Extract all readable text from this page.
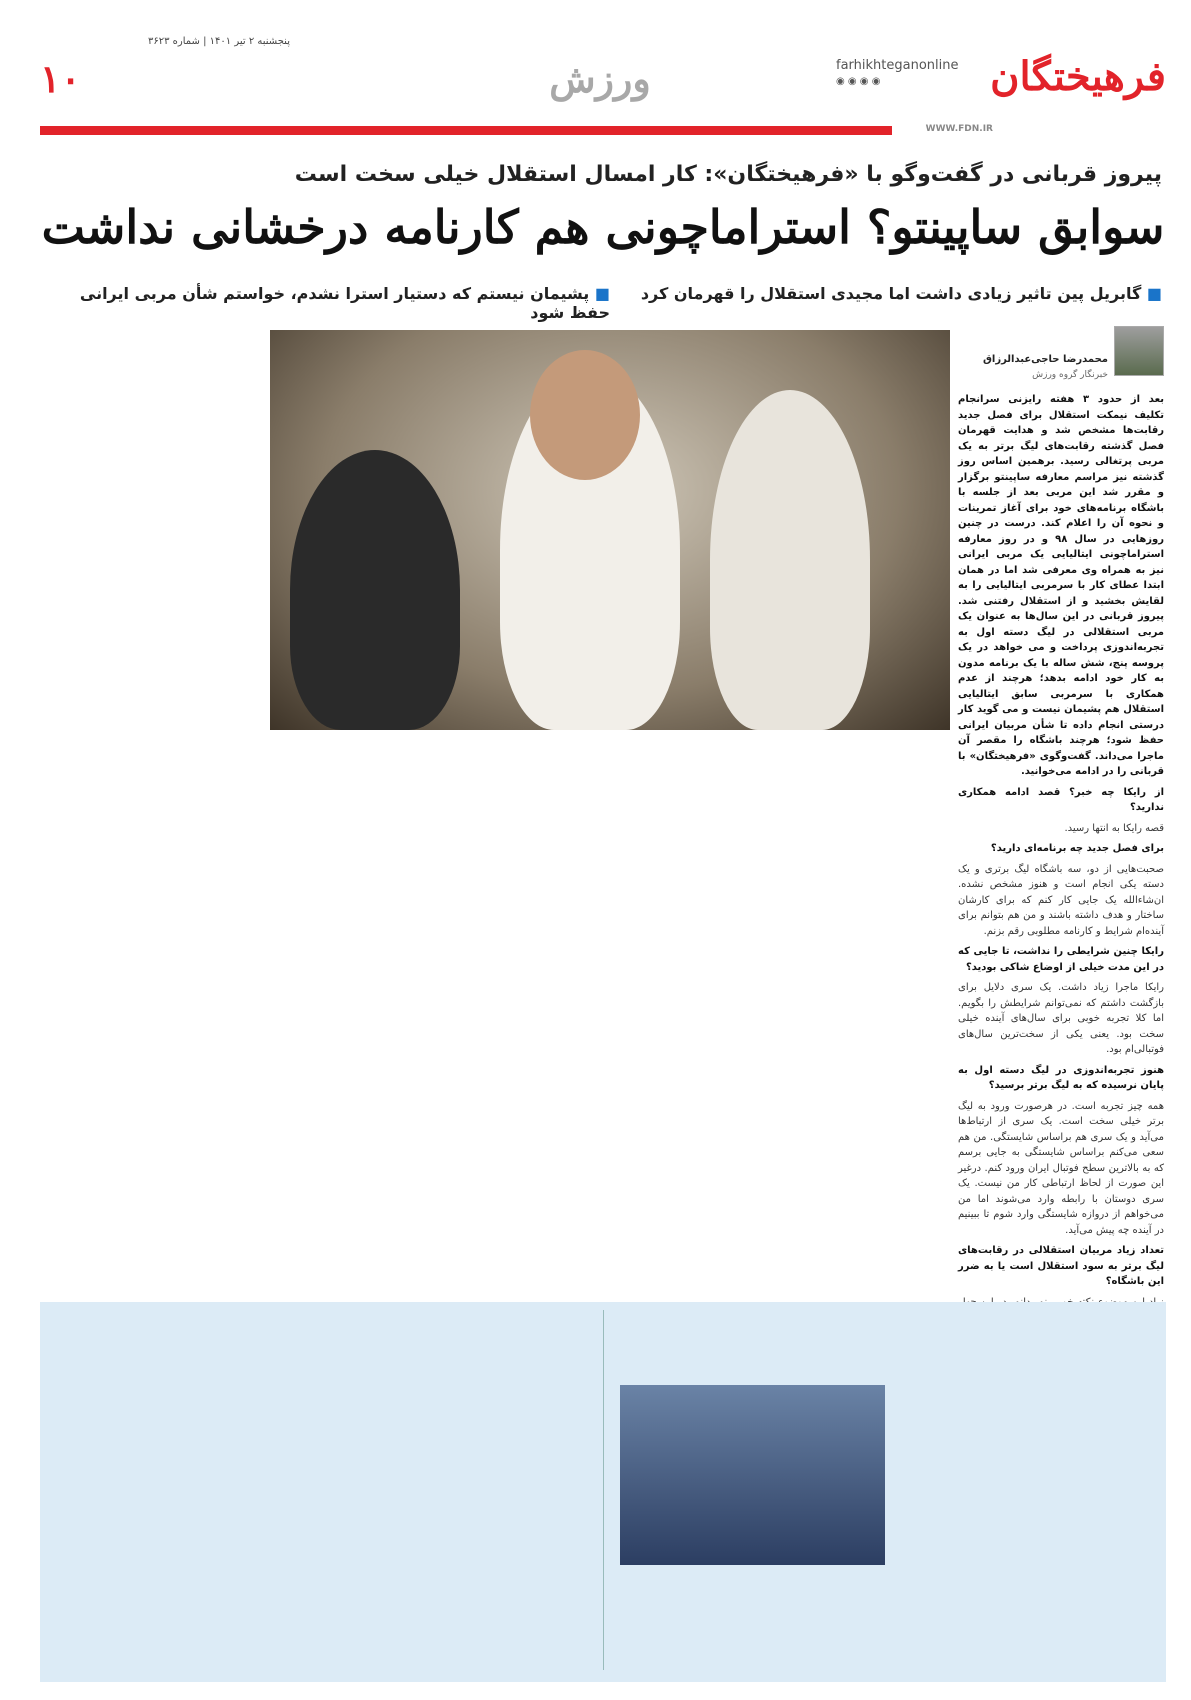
پنجشنبه ۲ تیر ۱۴۰۱ | شماره ۳۶۲۳
فرهیختگان
farhikhteganonline
◉ ◉ ◉ ◉
ورزش
۱۰
WWW.FDN.IR
پیروز قربانی در گفت‌وگو با «فرهیختگان»: کار امسال استقلال خیلی سخت است
سوابق ساپینتو؟ استراماچونی هم کارنامه درخشانی نداشت
■ گابریل پین تاثیر زیادی داشت اما مجیدی استقلال را قهرمان کرد
■ پشیمان نیستم که دستیار استرا نشدم، خواستم شأن مربی ایرانی حفظ شود
محمدرضا حاجی‌عبدالرزاق
خبرنگار گروه ورزش

بعد از حدود ۳ هفته رایزنی سرانجام تکلیف نیمکت استقلال برای فصل جدید رقابت‌ها مشخص شد و هدایت قهرمان فصل گذشته رقابت‌های لیگ برتر به یک مربی پرتغالی رسید. برهمین اساس روز گذشته نیز مراسم معارفه ساپینتو برگزار و مقرر شد این مربی بعد از جلسه با باشگاه برنامه‌های خود برای آغاز تمرینات و نحوه آن را اعلام کند. درست در چنین روزهایی در سال ۹۸ و در روز معارفه استراماچونی ایتالیایی یک مربی ایرانی نیز به همراه وی معرفی شد اما در همان ابتدا عطای کار با سرمربی ایتالیایی را به لقایش بخشید و از استقلال رفتنی شد. پیروز قربانی در این سال‌ها به عنوان یک مربی استقلالی در لیگ دسته اول به تجربه‌اندوزی پرداخت و می خواهد در یک پروسه پنج، شش ساله با یک برنامه مدون به کار خود ادامه بدهد؛ هرچند از عدم همکاری با سرمربی سابق ایتالیایی استقلال هم پشیمان نیست و می گوید کار درستی انجام داده تا شأن مربیان ایرانی حفظ شود؛ هرچند باشگاه را مقصر آن ماجرا می‌داند. گفت‌وگوی «فرهیختگان» با قربانی را در ادامه می‌خوانید.

از رایکا چه خبر؟ قصد ادامه همکاری ندارید؟

قصه رایکا به انتها رسید.

برای فصل جدید چه برنامه‌ای دارید؟

صحبت‌هایی از دو، سه باشگاه لیگ برتری و یک دسته یکی انجام است و هنوز مشخص نشده. ان‌شاءالله یک جایی کار کنم که برای کارشان ساختار و هدف داشته باشند و من هم بتوانم برای آینده‌ام شرایط و کارنامه مطلوبی رقم بزنم.

رایکا چنین شرایطی را نداشت، تا جایی که در این مدت خیلی از اوضاع شاکی بودید؟

رایکا ماجرا زیاد داشت. یک سری دلایل برای بازگشت داشتم که نمی‌توانم شرایطش را بگویم. اما کلا تجربه خوبی برای سال‌های آینده خیلی سخت بود. یعنی یکی از سخت‌ترین سال‌های فوتبالی‌ام بود.

هنوز تجربه‌اندوزی در لیگ دسته اول به پایان نرسیده که به لیگ برتر برسید؟

همه چیز تجربه است. در هرصورت ورود به لیگ برتر خیلی سخت است. یک سری از ارتباط‌ها می‌آید و یک سری هم براساس شایستگی. من هم سعی می‌کنم براساس شایستگی به جایی برسم که به بالاترین سطح فوتبال ایران ورود کنم. درغیر این صورت از لحاظ ارتباطی کار من نیست. یک سری دوستان با رابطه وارد می‌شوند اما من می‌خواهم از دروازه شایستگی وارد شوم تا ببینیم در آینده چه پیش می‌آید.

تعداد زیاد مربیان استقلالی در رقابت‌های لیگ برتر به سود استقلال است یا به ضرر این باشگاه؟
